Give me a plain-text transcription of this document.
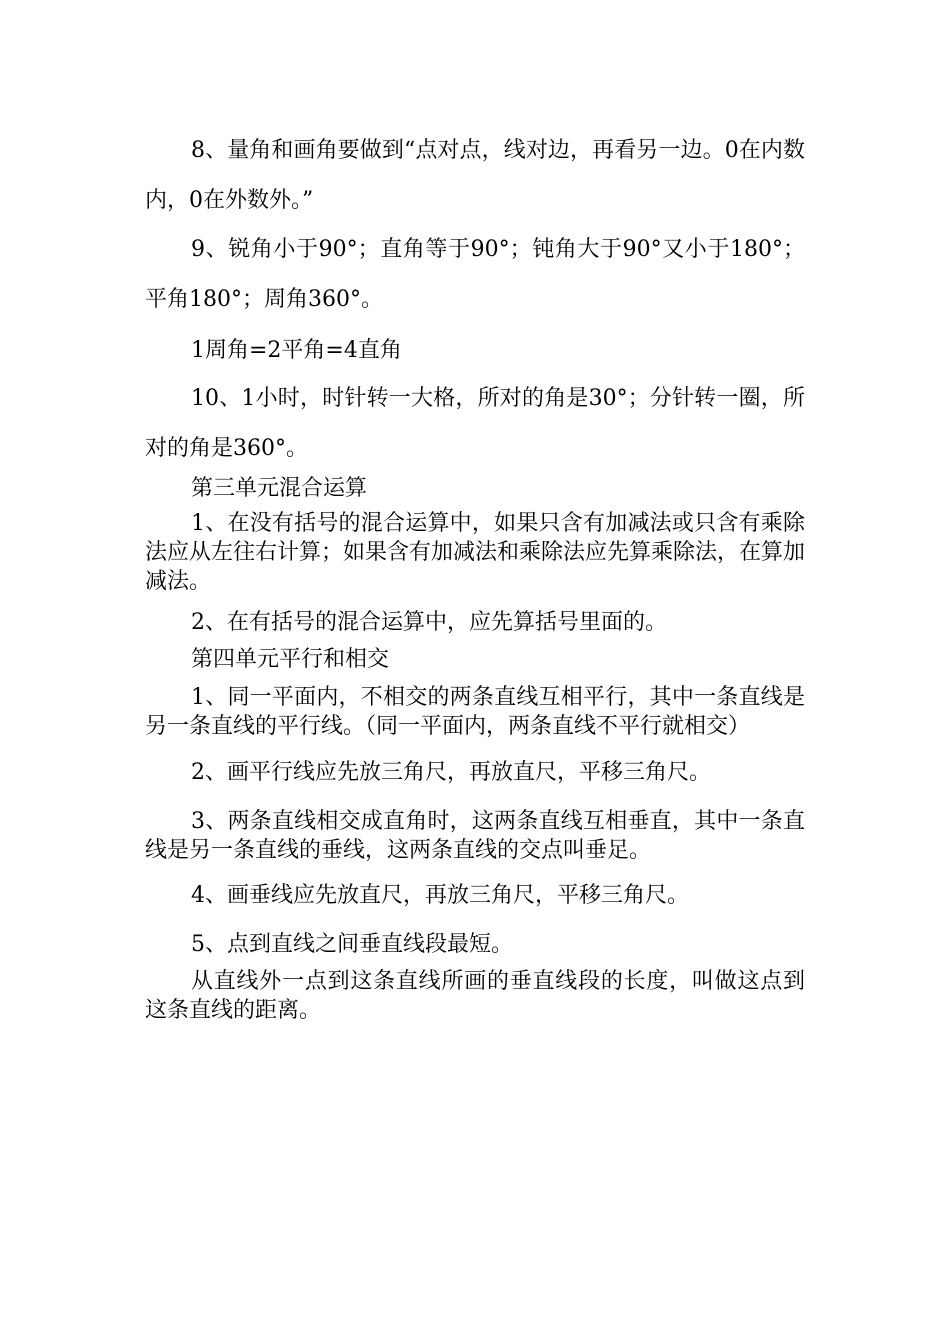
8、量角和画角要做到“点对点，线对边，再看另一边。0在内数内，0在外数外。”

9、锐角小于90°；直角等于90°；钝角大于90°又小于180°；平角180°；周角360°。

1周角=2平角=4直角

10、1小时，时针转一大格，所对的角是30°；分针转一圈，所对的角是360°。

第三单元混合运算

1、在没有括号的混合运算中，如果只含有加减法或只含有乘除法应从左往右计算；如果含有加减法和乘除法应先算乘除法，在算加减法。

2、在有括号的混合运算中，应先算括号里面的。

第四单元平行和相交

1、同一平面内，不相交的两条直线互相平行，其中一条直线是另一条直线的平行线。（同一平面内，两条直线不平行就相交）

2、画平行线应先放三角尺，再放直尺，平移三角尺。

3、两条直线相交成直角时，这两条直线互相垂直，其中一条直线是另一条直线的垂线，这两条直线的交点叫垂足。

4、画垂线应先放直尺，再放三角尺，平移三角尺。

5、点到直线之间垂直线段最短。

从直线外一点到这条直线所画的垂直线段的长度，叫做这点到这条直线的距离。
